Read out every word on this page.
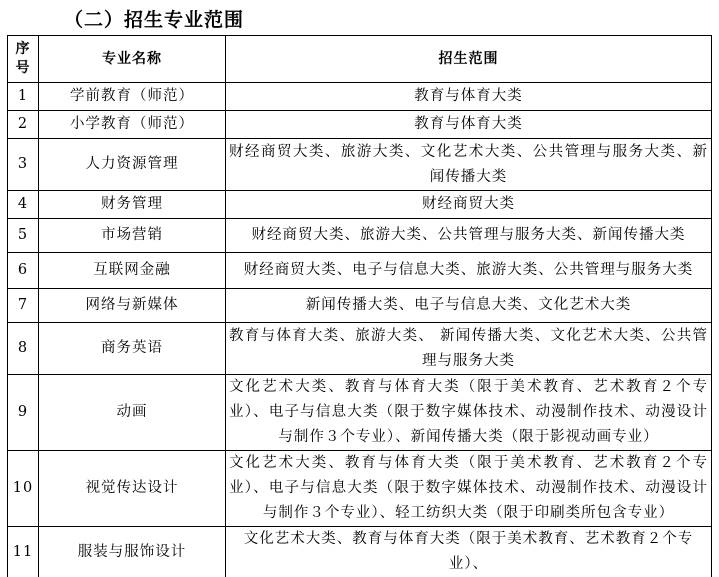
（二）招生专业范围
序
号	专业名称	招生范围
1	学前教育（师范）	教育与体育大类
2	小学教育（师范）	教育与体育大类
3	人力资源管理	财经商贸大类、旅游大类、文化艺术大类、公共管理与服务大类、新闻传播大类
4	财务管理	财经商贸大类
5	市场营销	财经商贸大类、旅游大类、公共管理与服务大类、新闻传播大类
6	互联网金融	财经商贸大类、电子与信息大类、旅游大类、公共管理与服务大类
7	网络与新媒体	新闻传播大类、电子与信息大类、文化艺术大类
8	商务英语	教育与体育大类、旅游大类、 新闻传播大类、文化艺术大类、公共管理与服务大类
9	动画	文化艺术大类、教育与体育大类（限于美术教育、艺术教育２个专业）、电子与信息大类（限于数字媒体技术、动漫制作技术、动漫设计与制作３个专业）、新闻传播大类（限于影视动画专业）
10	视觉传达设计	文化艺术大类、教育与体育大类（限于美术教育、艺术教育２个专业）、电子与信息大类（限于数字媒体技术、动漫制作技术、动漫设计与制作３个专业）、轻工纺织大类（限于印刷类所包含专业）
11	服装与服饰设计	文化艺术大类、教育与体育大类（限于美术教育、艺术教育２个专业）、
